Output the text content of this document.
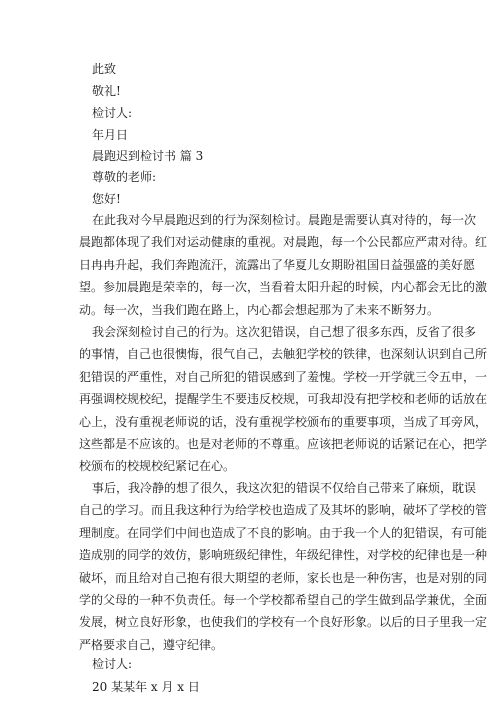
此致
敬礼!
检讨人:
年月日
晨跑迟到检讨书 篇 3
尊敬的老师:
您好!
在此我对今早晨跑迟到的行为深刻检讨。晨跑是需要认真对待的，每一次
晨跑都体现了我们对运动健康的重视。对晨跑，每一个公民都应严肃对待。红
日冉冉升起，我们奔跑流汗，流露出了华夏儿女期盼祖国日益强盛的美好愿
望。参加晨跑是荣幸的，每一次，当看着太阳升起的时候，内心都会无比的激
动。每一次，当我们跑在路上，内心都会想起那为了未来不断努力。
我会深刻检讨自己的行为。这次犯错误，自己想了很多东西，反省了很多
的事情，自己也很懊悔，很气自己，去触犯学校的铁律，也深刻认识到自己所
犯错误的严重性，对自己所犯的错误感到了羞愧。学校一开学就三令五申，一
再强调校规校纪，提醒学生不要违反校规，可我却没有把学校和老师的话放在
心上，没有重视老师说的话，没有重视学校颁布的重要事项，当成了耳旁风，
这些都是不应该的。也是对老师的不尊重。应该把老师说的话紧记在心，把学
校颁布的校规校纪紧记在心。
事后，我冷静的想了很久，我这次犯的错误不仅给自己带来了麻烦，耽误
自己的学习。而且我这种行为给学校也造成了及其坏的影响，破坏了学校的管
理制度。在同学们中间也造成了不良的影响。由于我一个人的犯错误，有可能
造成别的同学的效仿，影响班级纪律性，年级纪律性，对学校的纪律也是一种
破坏，而且给对自己抱有很大期望的老师，家长也是一种伤害，也是对别的同
学的父母的一种不负责任。每一个学校都希望自己的学生做到品学兼优，全面
发展，树立良好形象，也使我们的学校有一个良好形象。以后的日子里我一定
严格要求自己，遵守纪律。
检讨人:
20 某某年 x 月 x 日
